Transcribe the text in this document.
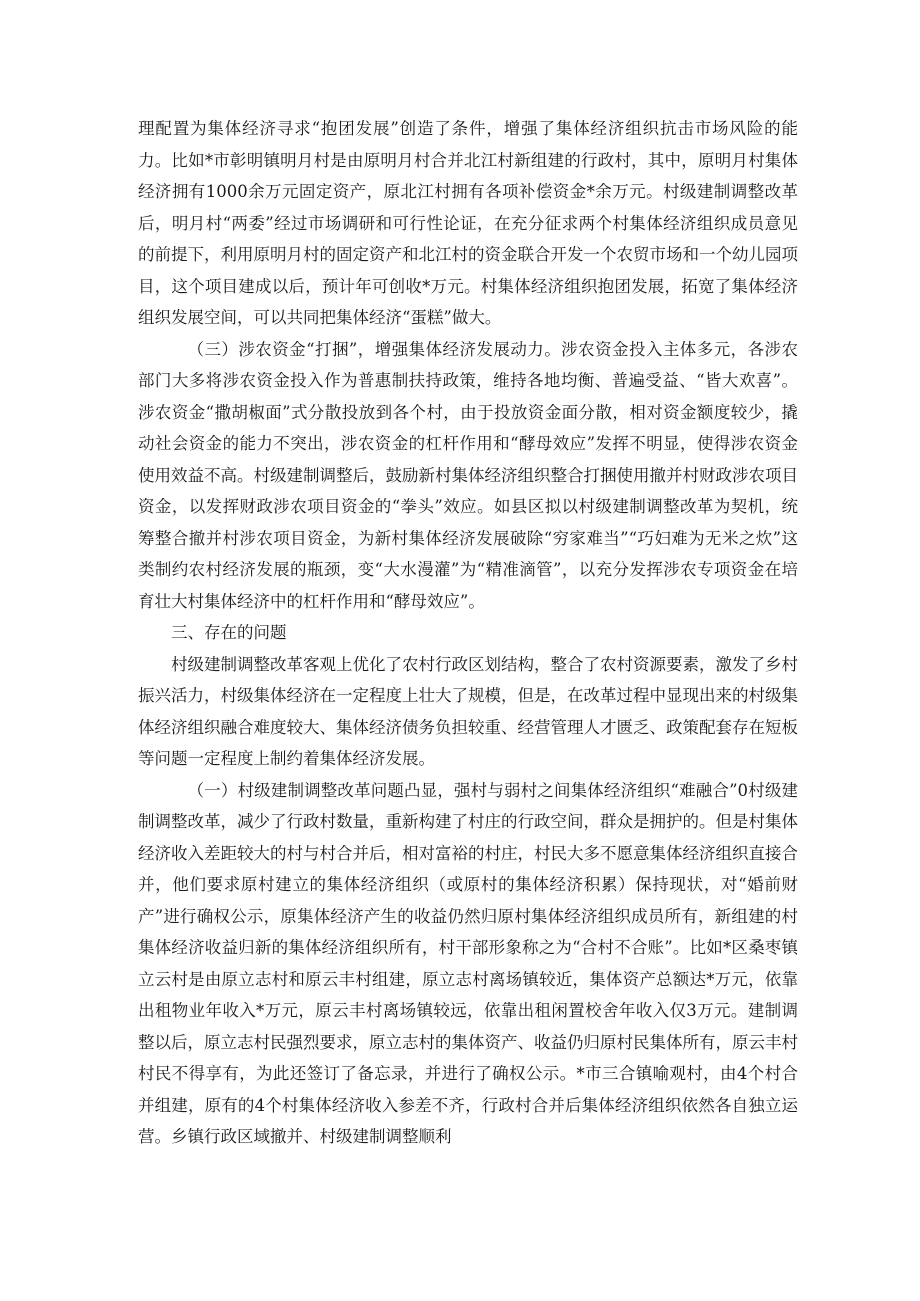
理配置为集体经济寻求“抱团发展”创造了条件，增强了集体经济组织抗击市场风险的能力。比如*市彰明镇明月村是由原明月村合并北江村新组建的行政村，其中，原明月村集体经济拥有1000余万元固定资产，原北江村拥有各项补偿资金*余万元。村级建制调整改革后，明月村“两委”经过市场调研和可行性论证，在充分征求两个村集体经济组织成员意见的前提下，利用原明月村的固定资产和北江村的资金联合开发一个农贸市场和一个幼儿园项目，这个项目建成以后，预计年可创收*万元。村集体经济组织抱团发展，拓宽了集体经济组织发展空间，可以共同把集体经济“蛋糕”做大。

（三）涉农资金“打捆”，增强集体经济发展动力。涉农资金投入主体多元，各涉农部门大多将涉农资金投入作为普惠制扶持政策，维持各地均衡、普遍受益、“皆大欢喜”。涉农资金“撒胡椒面”式分散投放到各个村，由于投放资金面分散，相对资金额度较少，撬动社会资金的能力不突出，涉农资金的杠杆作用和“酵母效应”发挥不明显，使得涉农资金使用效益不高。村级建制调整后，鼓励新村集体经济组织整合打捆使用撤并村财政涉农项目资金，以发挥财政涉农项目资金的“拳头”效应。如县区拟以村级建制调整改革为契机，统筹整合撤并村涉农项目资金，为新村集体经济发展破除“穷家难当”“巧妇难为无米之炊”这类制约农村经济发展的瓶颈，变“大水漫灌”为“精准滴管”，以充分发挥涉农专项资金在培育壮大村集体经济中的杠杆作用和“酵母效应”。

三、存在的问题

村级建制调整改革客观上优化了农村行政区划结构，整合了农村资源要素，激发了乡村振兴活力，村级集体经济在一定程度上壮大了规模，但是，在改革过程中显现出来的村级集体经济组织融合难度较大、集体经济债务负担较重、经营管理人才匮乏、政策配套存在短板等问题一定程度上制约着集体经济发展。

（一）村级建制调整改革问题凸显，强村与弱村之间集体经济组织“难融合”0村级建制调整改革，减少了行政村数量，重新构建了村庄的行政空间，群众是拥护的。但是村集体经济收入差距较大的村与村合并后，相对富裕的村庄，村民大多不愿意集体经济组织直接合并，他们要求原村建立的集体经济组织（或原村的集体经济积累）保持现状，对“婚前财产”进行确权公示，原集体经济产生的收益仍然归原村集体经济组织成员所有，新组建的村集体经济收益归新的集体经济组织所有，村干部形象称之为“合村不合账”。比如*区桑枣镇立云村是由原立志村和原云丰村组建，原立志村离场镇较近，集体资产总额达*万元，依靠出租物业年收入*万元，原云丰村离场镇较远，依靠出租闲置校舍年收入仅3万元。建制调整以后，原立志村民强烈要求，原立志村的集体资产、收益仍归原村民集体所有，原云丰村村民不得享有，为此还签订了备忘录，并进行了确权公示。*市三合镇喻观村，由4个村合并组建，原有的4个村集体经济收入参差不齐，行政村合并后集体经济组织依然各自独立运营。乡镇行政区域撤并、村级建制调整顺利
